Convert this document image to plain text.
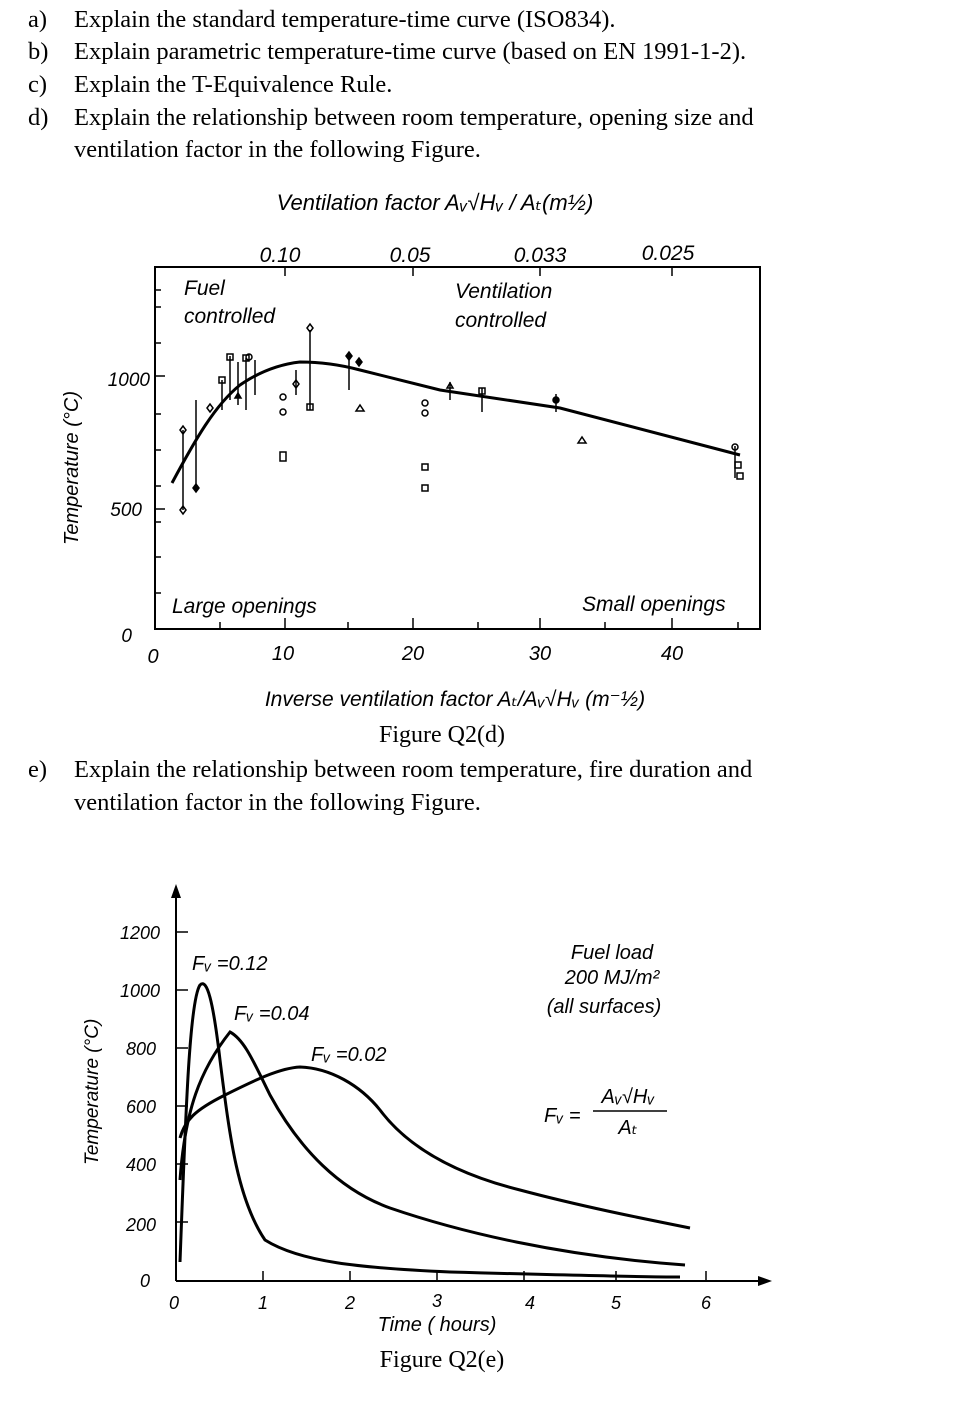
a) Explain the standard temperature-time curve (ISO834).
b) Explain parametric temperature-time curve (based on EN 1991-1-2).
c) Explain the T-Equivalence Rule.
d) Explain the relationship between room temperature, opening size and
ventilation factor in the following Figure.
Temperature (°C)
1000
500
0
Ventilation factor Aᵥ√Hᵥ / Aₜ(m½)
0.10	0.05	0.033	0.025
Fuel
controlled
Ventilation
controlled
Large openings	Small openings
0	10	20	30	40
Inverse ventilation factor Aₜ/Aᵥ√Hᵥ (m⁻½)
Figure Q2(d)
e) Explain the relationship between room temperature, fire duration and
ventilation factor in the following Figure.
Temperature (°C)
1200
1000
800
600
400
200
0
0	1	2	3	4	5	6
Time ( hours)
Fᵥ =0.12
Fᵥ =0.04
Fᵥ =0.02
Fuel load
200 MJ/m²
(all surfaces)
Fᵥ =
Aᵥ√Hᵥ
Aₜ
Figure Q2(e)
